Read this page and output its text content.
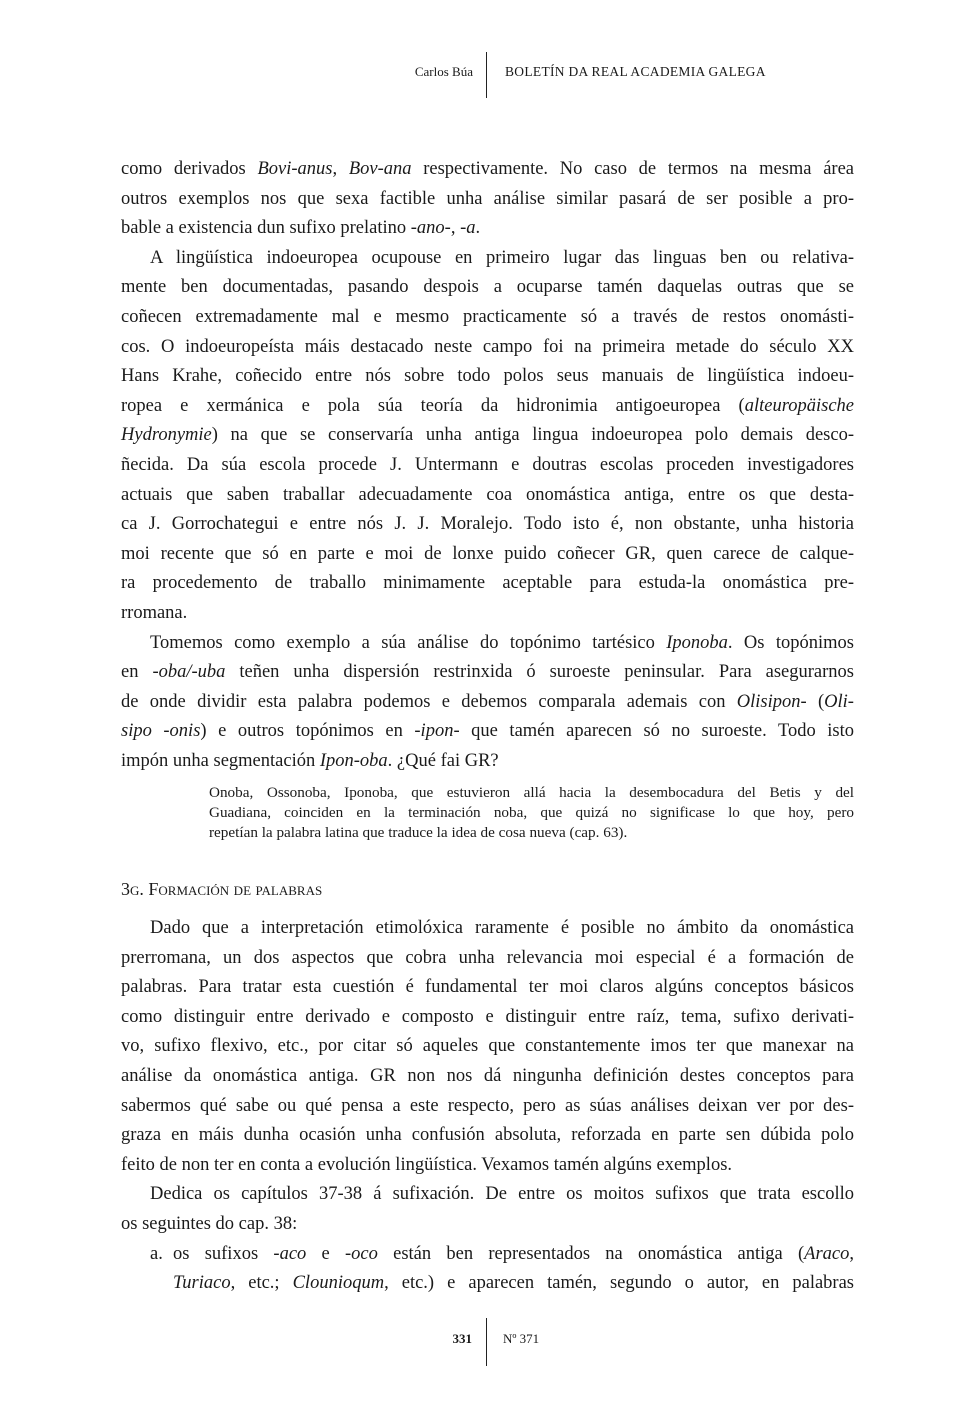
Carlos Búa BOLETÍN DA REAL ACADEMIA GALEGA
como derivados Bovi-anus, Bov-ana respectivamente. No caso de termos na mesma área
outros exemplos nos que sexa factible unha análise similar pasará de ser posible a pro-
bable a existencia dun sufixo prelatino -ano-, -a.
A lingüística indoeuropea ocupouse en primeiro lugar das linguas ben ou relativa-
mente ben documentadas, pasando despois a ocuparse tamén daquelas outras que se
coñecen extremadamente mal e mesmo practicamente só a través de restos onomásti-
cos. O indoeuropeísta máis destacado neste campo foi na primeira metade do século XX
Hans Krahe, coñecido entre nós sobre todo polos seus manuais de lingüística indoeu-
ropea e xermánica e pola súa teoría da hidronimia antigoeuropea (alteuropäische
Hydronymie) na que se conservaría unha antiga lingua indoeuropea polo demais desco-
ñecida. Da súa escola procede J. Untermann e doutras escolas proceden investigadores
actuais que saben traballar adecuadamente coa onomástica antiga, entre os que desta-
ca J. Gorrochategui e entre nós J. J. Moralejo. Todo isto é, non obstante, unha historia
moi recente que só en parte e moi de lonxe puido coñecer GR, quen carece de calque-
ra procedemento de traballo minimamente aceptable para estuda-la onomástica pre-
rromana.
Tomemos como exemplo a súa análise do topónimo tartésico Iponoba. Os topónimos
en -oba/-uba teñen unha dispersión restrinxida ó suroeste peninsular. Para asegurarnos
de onde dividir esta palabra podemos e debemos comparala ademais con Olisipon- (Oli-
sipo -onis) e outros topónimos en -ipon- que tamén aparecen só no suroeste. Todo isto
impón unha segmentación Ipon-oba. ¿Qué fai GR?
Onoba, Ossonoba, Iponoba, que estuvieron allá hacia la desembocadura del Betis y del
Guadiana, coinciden en la terminación noba, que quizá no significase lo que hoy, pero
repetían la palabra latina que traduce la idea de cosa nueva (cap. 63).
3g. Formación de palabras
Dado que a interpretación etimolóxica raramente é posible no ámbito da onomástica
prerromana, un dos aspectos que cobra unha relevancia moi especial é a formación de
palabras. Para tratar esta cuestión é fundamental ter moi claros algúns conceptos básicos
como distinguir entre derivado e composto e distinguir entre raíz, tema, sufixo derivati-
vo, sufixo flexivo, etc., por citar só aqueles que constantemente imos ter que manexar na
análise da onomástica antiga. GR non nos dá ningunha definición destes conceptos para
sabermos qué sabe ou qué pensa a este respecto, pero as súas análises deixan ver por des-
graza en máis dunha ocasión unha confusión absoluta, reforzada en parte sen dúbida polo
feito de non ter en conta a evolución lingüística. Vexamos tamén algúns exemplos.
Dedica os capítulos 37-38 á sufixación. De entre os moitos sufixos que trata escollo
os seguintes do cap. 38:
a. os sufixos -aco e -oco están ben representados na onomástica antiga (Araco,
Turiaco, etc.; Clounioqum, etc.) e aparecen tamén, segundo o autor, en palabras
331 Nº 371
